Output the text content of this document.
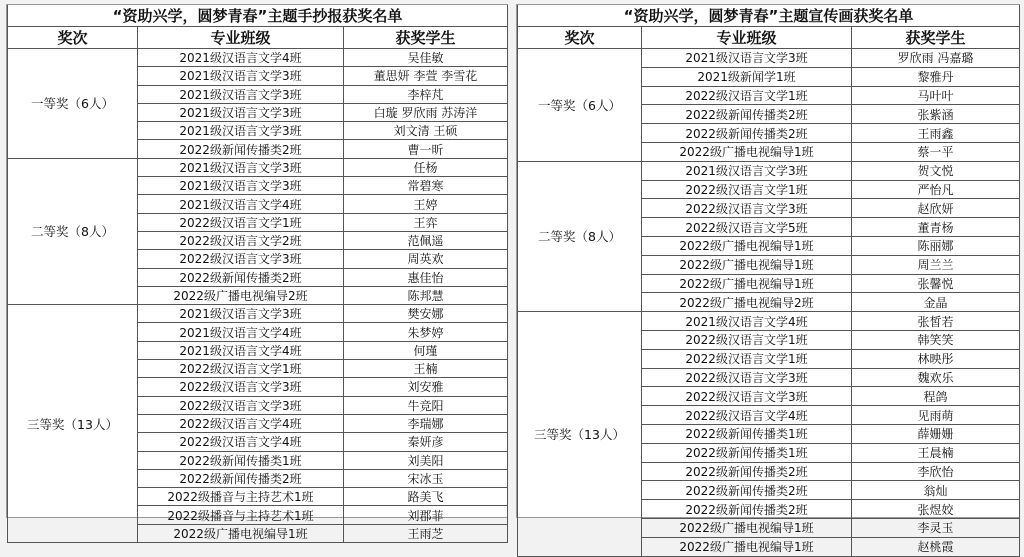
“资助兴学，圆梦青春”主题手抄报获奖名单		
奖次	专业班级	获奖学生
一等奖（6人）	2021级汉语言文学4班	吴佳敏
	2021级汉语言文学3班	董思妍 李萱 李雪花
	2021级汉语言文学3班	李梓芃
	2021级汉语言文学3班	白璇 罗欣雨 苏涛洋
	2021级汉语言文学3班	刘文清 王硕
	2022级新闻传播类2班	曹一昕
二等奖（8人）	2021级汉语言文学3班	任杨
	2021级汉语言文学3班	常碧寒
	2021级汉语言文学4班	王婷
	2022级汉语言文学1班	王弈
	2022级汉语言文学2班	范佩遥
	2022级汉语言文学3班	周英欢
	2022级新闻传播类2班	惠佳怡
	2022级广播电视编导2班	陈邦慧
三等奖（13人）	2021级汉语言文学3班	樊安娜
	2021级汉语言文学4班	朱梦婷
	2021级汉语言文学4班	何瑾
	2022级汉语言文学1班	王楠
	2022级汉语言文学3班	刘安雅
	2022级汉语言文学3班	牛竞阳
	2022级汉语言文学4班	李瑞娜
	2022级汉语言文学4班	秦妍彦
	2022级新闻传播类1班	刘美阳
	2022级新闻传播类2班	宋冰玉
	2022级播音与主持艺术1班	路美飞
	2022级播音与主持艺术1班	刘郡菲
	2022级广播电视编导1班	王雨芝
“资助兴学，圆梦青春”主题宣传画获奖名单		
奖次	专业班级	获奖学生
一等奖（6人）	2021级汉语言文学3班	罗欣雨 冯嘉璐
	2021级新闻学1班	黎雅丹
	2022级汉语言文学1班	马叶叶
	2022级新闻传播类2班	张紫涵
	2022级新闻传播类2班	王雨鑫
	2022级广播电视编导1班	蔡一平
二等奖（8人）	2021级汉语言文学3班	贺文悦
	2022级汉语言文学1班	严怡凡
	2022级汉语言文学3班	赵欣妍
	2022级汉语言文学5班	董青杨
	2022级广播电视编导1班	陈丽娜
	2022级广播电视编导1班	周兰兰
	2022级广播电视编导1班	张馨悦
	2022级广播电视编导2班	金晶
三等奖（13人）	2021级汉语言文学4班	张皙若
	2022级汉语言文学1班	韩笑笑
	2022级汉语言文学1班	林映彤
	2022级汉语言文学3班	魏欢乐
	2022级汉语言文学3班	程鸽
	2022级汉语言文学4班	见雨萌
	2022级新闻传播类1班	薛姗姗
	2022级新闻传播类1班	王晨楠
	2022级新闻传播类2班	李欣怡
	2022级新闻传播类2班	翁灿
	2022级新闻传播类2班	张煜姣
	2022级广播电视编导1班	李灵玉
	2022级广播电视编导1班	赵桃霞
